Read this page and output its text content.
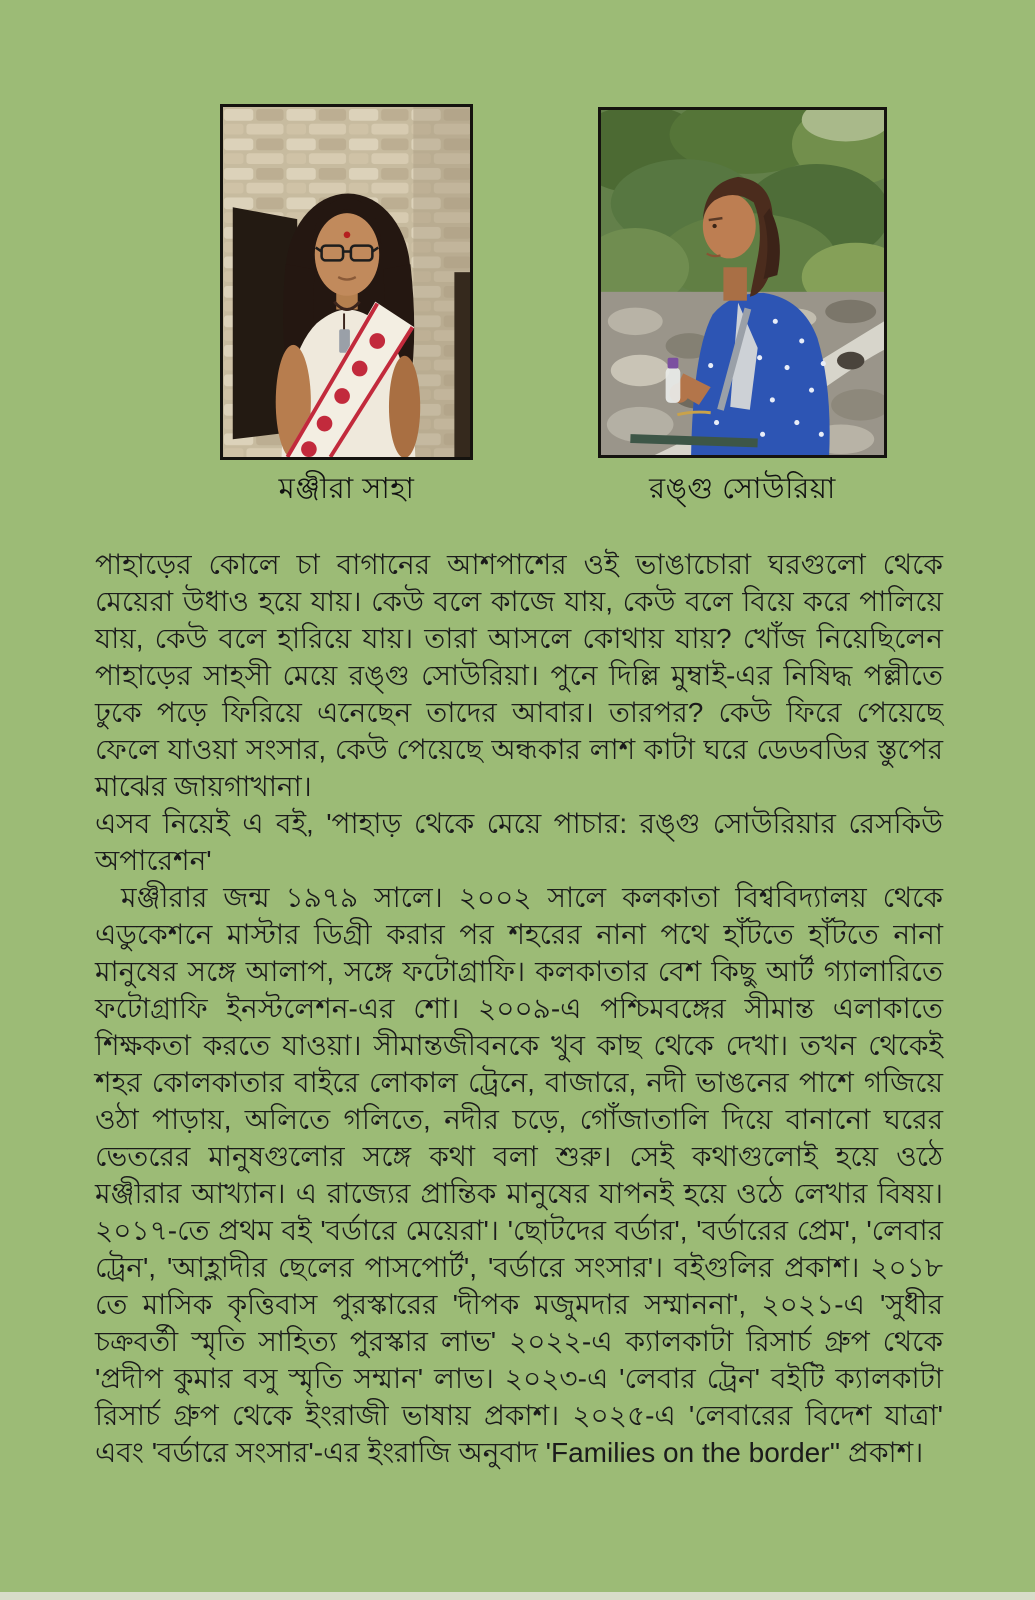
মঞ্জীরা সাহা	রঙ্গু সোউরিয়া

পাহাড়ের কোলে চা বাগানের আশপাশের ওই ভাঙাচোরা ঘরগুলো থেকে মেয়েরা উধাও হয়ে যায়। কেউ বলে কাজে যায়, কেউ বলে বিয়ে করে পালিয়ে যায়, কেউ বলে হারিয়ে যায়। তারা আসলে কোথায় যায়? খোঁজ নিয়েছিলেন পাহাড়ের সাহসী মেয়ে রঙ্গু সোউরিয়া। পুনে দিল্লি মুম্বাই-এর নিষিদ্ধ পল্লীতে ঢুকে পড়ে ফিরিয়ে এনেছেন তাদের আবার। তারপর? কেউ ফিরে পেয়েছে ফেলে যাওয়া সংসার, কেউ পেয়েছে অন্ধকার লাশ কাটা ঘরে ডেডবডির স্তুপের মাঝের জায়গাখানা।

এসব নিয়েই এ বই, 'পাহাড় থেকে মেয়ে পাচার: রঙ্গু সোউরিয়ার রেসকিউ অপারেশন'

মঞ্জীরার জন্ম ১৯৭৯ সালে। ২০০২ সালে কলকাতা বিশ্ববিদ্যালয় থেকে এডুকেশনে মাস্টার ডিগ্রী করার পর শহরের নানা পথে হাঁটতে হাঁটতে নানা মানুষের সঙ্গে আলাপ, সঙ্গে ফটোগ্রাফি। কলকাতার বেশ কিছু আর্ট গ্যালারিতে ফটোগ্রাফি ইনস্টলেশন-এর শো। ২০০৯-এ পশ্চিমবঙ্গের সীমান্ত এলাকাতে শিক্ষকতা করতে যাওয়া। সীমান্তজীবনকে খুব কাছ থেকে দেখা। তখন থেকেই শহর কোলকাতার বাইরে লোকাল ট্রেনে, বাজারে, নদী ভাঙনের পাশে গজিয়ে ওঠা পাড়ায়, অলিতে গলিতে, নদীর চড়ে, গোঁজাতালি দিয়ে বানানো ঘরের ভেতরের মানুষগুলোর সঙ্গে কথা বলা শুরু। সেই কথাগুলোই হয়ে ওঠে মঞ্জীরার আখ্যান। এ রাজ্যের প্রান্তিক মানুষের যাপনই হয়ে ওঠে লেখার বিষয়। ২০১৭-তে প্রথম বই 'বর্ডারে মেয়েরা'। 'ছোটদের বর্ডার', 'বর্ডারের প্রেম', 'লেবার ট্রেন', 'আহ্লাদীর ছেলের পাসপোর্ট', 'বর্ডারে সংসার'। বইগুলির প্রকাশ। ২০১৮ তে মাসিক কৃত্তিবাস পুরস্কারের 'দীপক মজুমদার সম্মাননা', ২০২১-এ 'সুধীর চক্রবর্তী স্মৃতি সাহিত্য পুরস্কার লাভ' ২০২২-এ ক্যালকাটা রিসার্চ গ্রুপ থেকে 'প্রদীপ কুমার বসু স্মৃতি সম্মান' লাভ। ২০২৩-এ 'লেবার ট্রেন' বইটি ক্যালকাটা রিসার্চ গ্রুপ থেকে ইংরাজী ভাষায় প্রকাশ। ২০২৫-এ 'লেবারের বিদেশ যাত্রা' এবং 'বর্ডারে সংসার'-এর ইংরাজি অনুবাদ 'Families on the border'' প্রকাশ।
